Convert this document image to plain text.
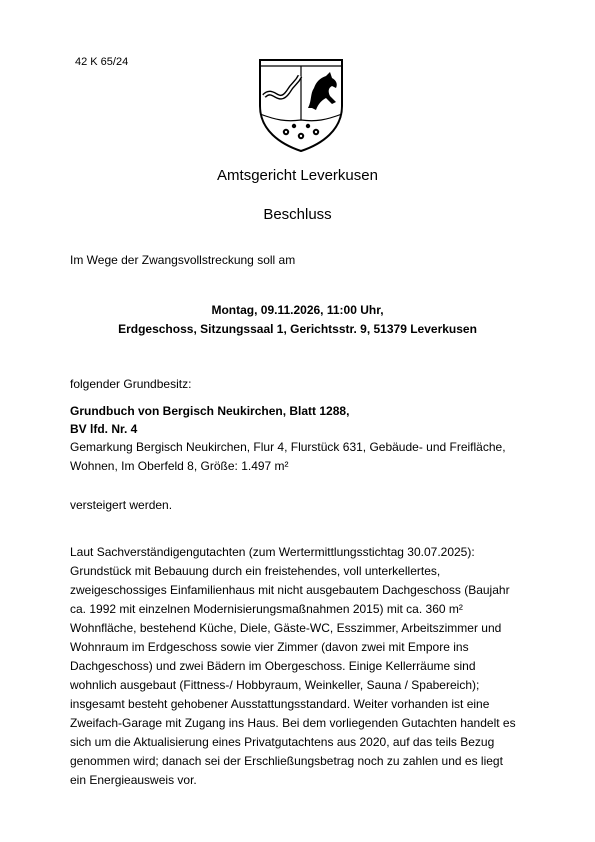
42 K 65/24

Amtsgericht Leverkusen

Beschluss

Im Wege der Zwangsvollstreckung soll am

Montag, 09.11.2026, 11:00 Uhr,

Erdgeschoss, Sitzungssaal 1, Gerichtsstr. 9, 51379 Leverkusen

folgender Grundbesitz:

Grundbuch von Bergisch Neukirchen, Blatt 1288,

BV lfd. Nr. 4

Gemarkung Bergisch Neukirchen, Flur 4, Flurstück 631, Gebäude- und Freifläche,

Wohnen, Im Oberfeld 8, Größe: 1.497 m²

versteigert werden.

Laut Sachverständigengutachten (zum Wertermittlungsstichtag 30.07.2025):
Grundstück mit Bebauung durch ein freistehendes, voll unterkellertes,
zweigeschossiges Einfamilienhaus mit nicht ausgebautem Dachgeschoss (Baujahr
ca. 1992 mit einzelnen Modernisierungsmaßnahmen 2015) mit ca. 360 m²
Wohnfläche, bestehend Küche, Diele, Gäste-WC, Esszimmer, Arbeitszimmer und
Wohnraum im Erdgeschoss sowie vier Zimmer (davon zwei mit Empore ins
Dachgeschoss) und zwei Bädern im Obergeschoss. Einige Kellerräume sind
wohnlich ausgebaut (Fittness-/ Hobbyraum, Weinkeller, Sauna / Spabereich);
insgesamt besteht gehobener Ausstattungsstandard. Weiter vorhanden ist eine
Zweifach-Garage mit Zugang ins Haus. Bei dem vorliegenden Gutachten handelt es
sich um die Aktualisierung eines Privatgutachtens aus 2020, auf das teils Bezug
genommen wird; danach sei der Erschließungsbetrag noch zu zahlen und es liegt
ein Energieausweis vor.
